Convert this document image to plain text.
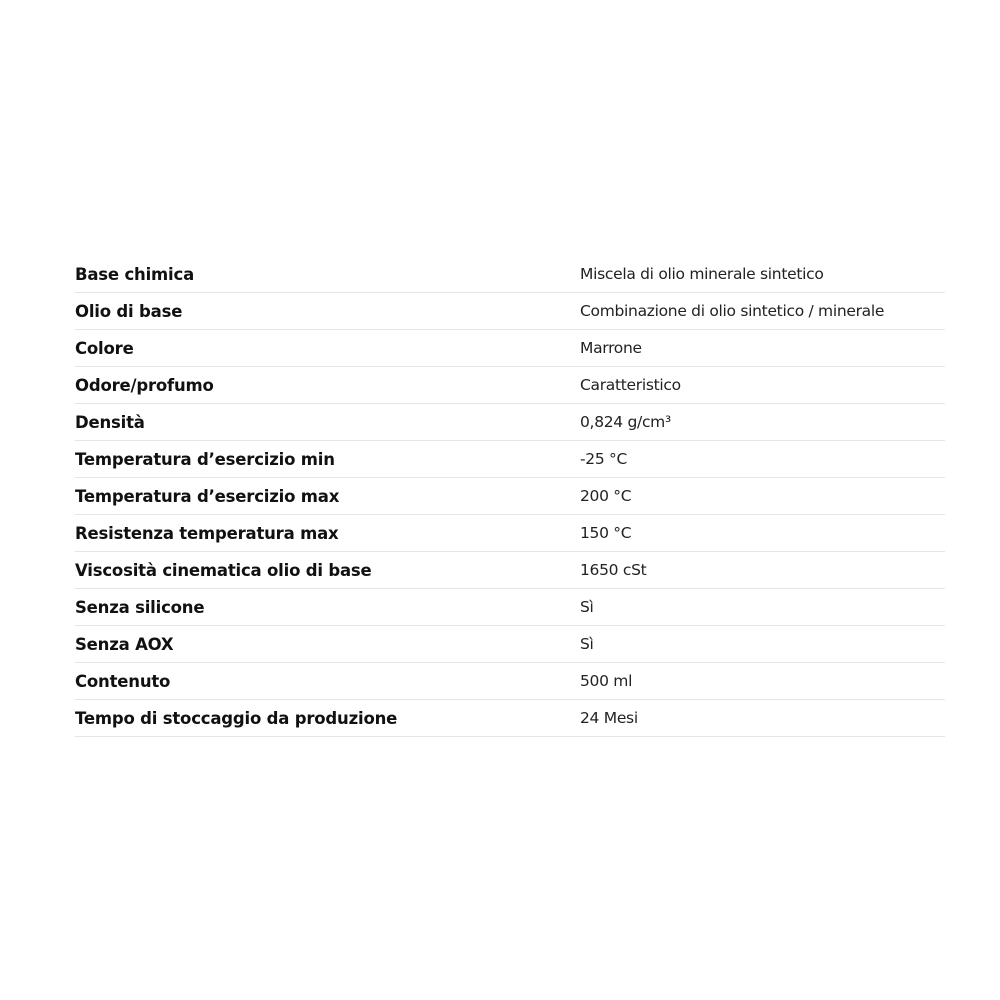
Base chimica	Miscela di olio minerale sintetico
Olio di base	Combinazione di olio sintetico / minerale
Colore	Marrone
Odore/profumo	Caratteristico
Densità	0,824 g/cm³
Temperatura d’esercizio min	-25 °C
Temperatura d’esercizio max	200 °C
Resistenza temperatura max	150 °C
Viscosità cinematica olio di base	1650 cSt
Senza silicone	Sì
Senza AOX	Sì
Contenuto	500 ml
Tempo di stoccaggio da produzione	24 Mesi
